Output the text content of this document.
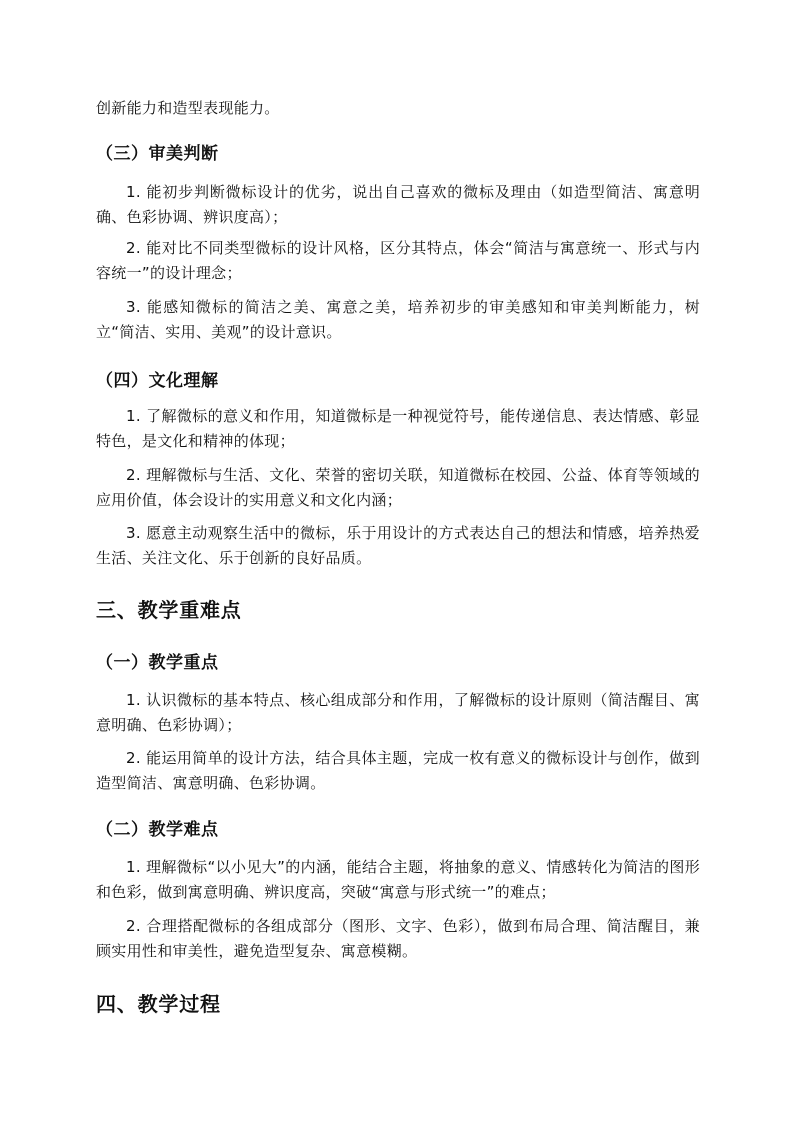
创新能力和造型表现能力。

（三）审美判断

1. 能初步判断微标设计的优劣，说出自己喜欢的微标及理由（如造型简洁、寓意明确、色彩协调、辨识度高）；

2. 能对比不同类型微标的设计风格，区分其特点，体会“简洁与寓意统一、形式与内容统一”的设计理念；

3. 能感知微标的简洁之美、寓意之美，培养初步的审美感知和审美判断能力，树立“简洁、实用、美观”的设计意识。

（四）文化理解

1. 了解微标的意义和作用，知道微标是一种视觉符号，能传递信息、表达情感、彰显特色，是文化和精神的体现；

2. 理解微标与生活、文化、荣誉的密切关联，知道微标在校园、公益、体育等领域的应用价值，体会设计的实用意义和文化内涵；

3. 愿意主动观察生活中的微标，乐于用设计的方式表达自己的想法和情感，培养热爱生活、关注文化、乐于创新的良好品质。

三、教学重难点
（一）教学重点

1. 认识微标的基本特点、核心组成部分和作用，了解微标的设计原则（简洁醒目、寓意明确、色彩协调）；

2. 能运用简单的设计方法，结合具体主题，完成一枚有意义的微标设计与创作，做到造型简洁、寓意明确、色彩协调。

（二）教学难点

1. 理解微标“以小见大”的内涵，能结合主题，将抽象的意义、情感转化为简洁的图形和色彩，做到寓意明确、辨识度高，突破“寓意与形式统一”的难点；

2. 合理搭配微标的各组成部分（图形、文字、色彩），做到布局合理、简洁醒目，兼顾实用性和审美性，避免造型复杂、寓意模糊。

四、教学过程
